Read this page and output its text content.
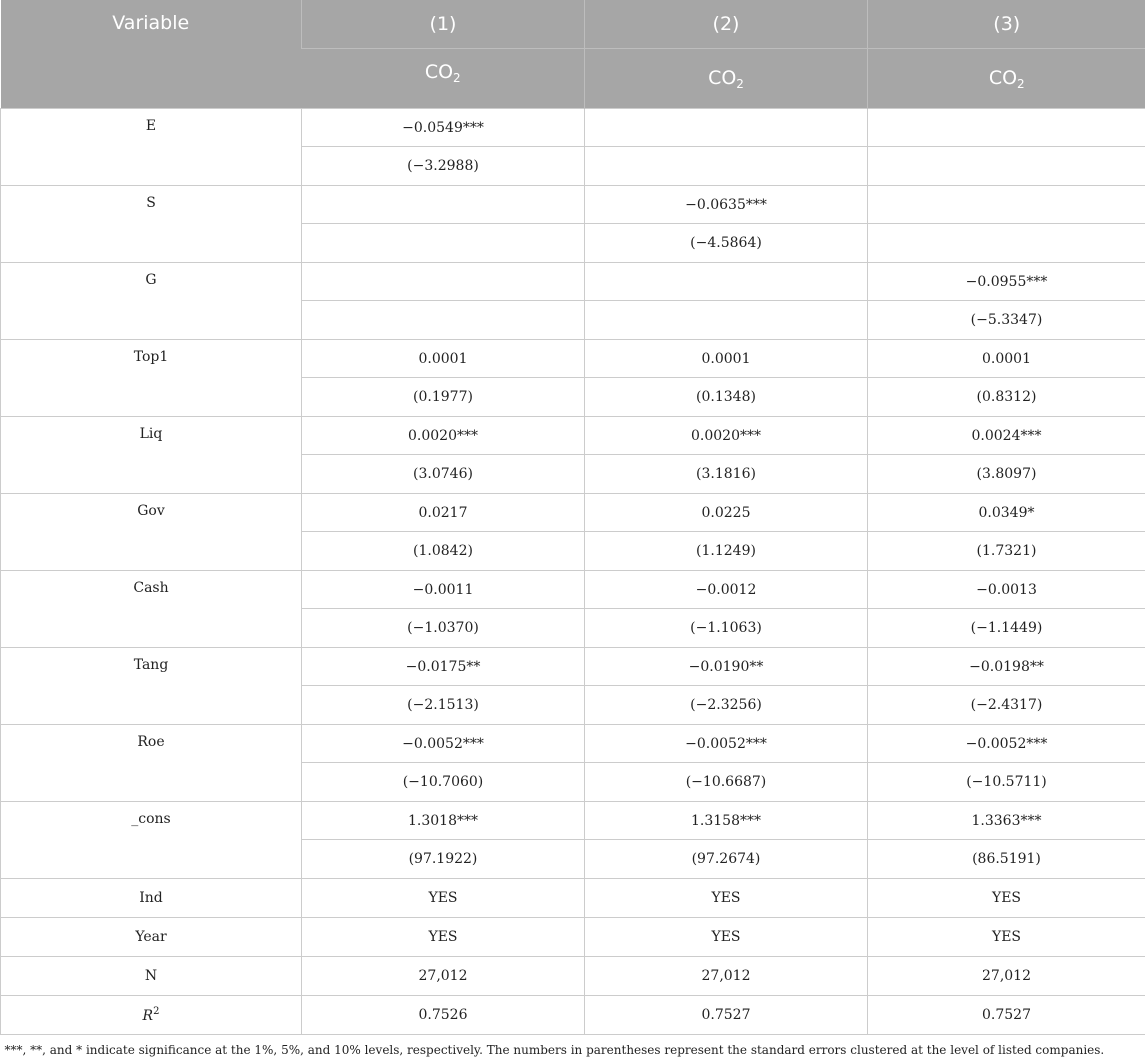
Variable	(1)	(2)	(3)
	$CO_2$	$CO_2$	$CO_2$
E	−0.0549***		
	(−3.2988)		
S		−0.0635***	
		(−4.5864)	
G			−0.0955***
			(−5.3347)
Top1	0.0001	0.0001	0.0001
	(0.1977)	(0.1348)	(0.8312)
Liq	0.0020***	0.0020***	0.0024***
	(3.0746)	(3.1816)	(3.8097)
Gov	0.0217	0.0225	0.0349*
	(1.0842)	(1.1249)	(1.7321)
Cash	−0.0011	−0.0012	−0.0013
	(−1.0370)	(−1.1063)	(−1.1449)
Tang	−0.0175**	−0.0190**	−0.0198**
	(−2.1513)	(−2.3256)	(−2.4317)
Roe	−0.0052***	−0.0052***	−0.0052***
	(−10.7060)	(−10.6687)	(−10.5711)
_cons	1.3018***	1.3158***	1.3363***
	(97.1922)	(97.2674)	(86.5191)
Ind	YES	YES	YES
Year	YES	YES	YES
N	27,012	27,012	27,012
$R^2$	0.7526	0.7527	0.7527
***, **, and * indicate significance at the 1%, 5%, and 10% levels, respectively. The numbers in parentheses represent the standard errors clustered at the level of listed companies.			
